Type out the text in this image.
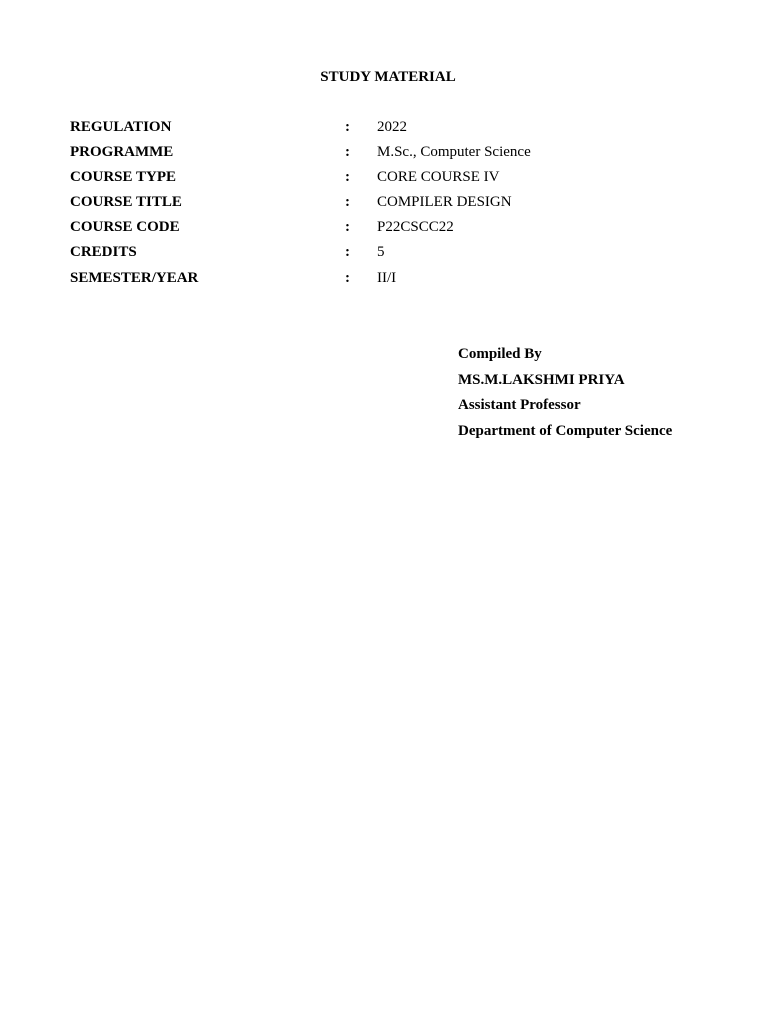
STUDY MATERIAL
REGULATION	: 2022
PROGRAMME	: M.Sc., Computer Science
COURSE TYPE	: CORE COURSE IV
COURSE TITLE	: COMPILER DESIGN
COURSE CODE	: P22CSCC22
CREDITS	: 5
SEMESTER/YEAR	: II/I
Compiled By
MS.M.LAKSHMI PRIYA
Assistant Professor
Department of Computer Science
